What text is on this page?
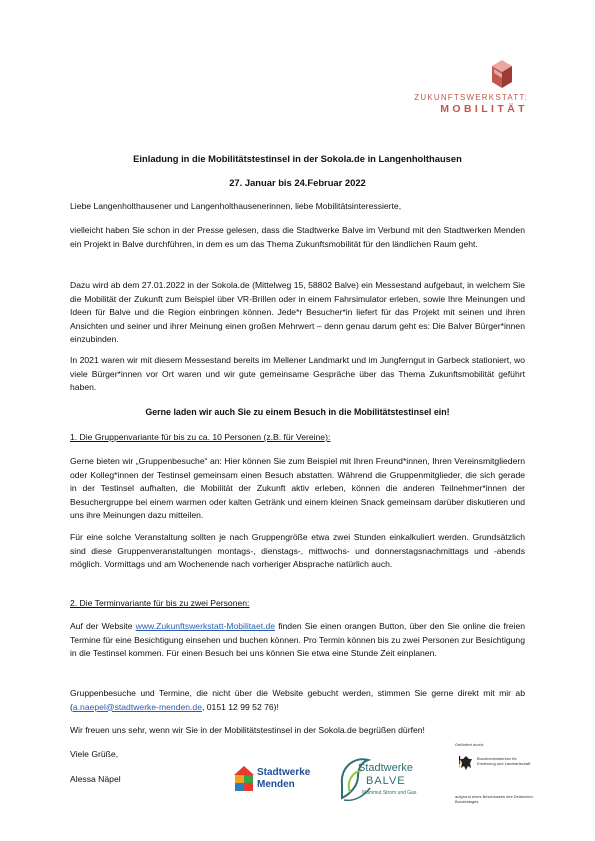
ZUKUNFTSWERKSTATT:
MOBILITÄT

Einladung in die Mobilitätstestinsel in der Sokola.de in Langenholthausen

27. Januar bis 24.Februar 2022

Liebe Langenholthausener und Langenholthausenerinnen, liebe Mobilitätsinteressierte,

vielleicht haben Sie schon in der Presse gelesen, dass die Stadtwerke Balve im Verbund mit den Stadtwerken Menden ein Projekt in Balve durchführen, in dem es um das Thema Zukunftsmobilität für den ländlichen Raum geht.

Dazu wird ab dem 27.01.2022 in der Sokola.de (Mittelweg 15, 58802 Balve) ein Messestand aufgebaut, in welchem Sie die Mobilität der Zukunft zum Beispiel über VR-Brillen oder in einem Fahrsimulator erleben, sowie Ihre Meinungen und Ideen für Balve und die Region einbringen können. Jede*r Besucher*in liefert für das Projekt mit seinen und ihren Ansichten und seiner und ihrer Meinung einen großen Mehrwert – denn genau darum geht es: Die Balver Bürger*innen einzubinden.

In 2021 waren wir mit diesem Messestand bereits im Mellener Landmarkt und im Jungferngut in Garbeck stationiert, wo viele Bürger*innen vor Ort waren und wir gute gemeinsame Gespräche über das Thema Zukunftsmobilität geführt haben.

Gerne laden wir auch Sie zu einem Besuch in die Mobilitätstestinsel ein!

1. Die Gruppenvariante für bis zu ca. 10 Personen (z.B. für Vereine):

Gerne bieten wir „Gruppenbesuche“ an: Hier können Sie zum Beispiel mit Ihren Freund*innen, Ihren Vereinsmitgliedern oder Kolleg*innen der Testinsel gemeinsam einen Besuch abstatten. Während die Gruppenmitglieder, die sich gerade in der Testinsel aufhalten, die Mobilität der Zukunft aktiv erleben, können die anderen Teilnehmer*innen der Besuchergruppe bei einem warmen oder kalten Getränk und einem kleinen Snack gemeinsam darüber diskutieren und uns ihre Meinungen dazu mitteilen.

Für eine solche Veranstaltung sollten je nach Gruppengröße etwa zwei Stunden einkalkuliert werden. Grundsätzlich sind diese Gruppenveranstaltungen montags-, dienstags-, mittwochs- und donnerstagsnachmittags und -abends möglich. Vormittags und am Wochenende nach vorheriger Absprache natürlich auch.

2. Die Terminvariante für bis zu zwei Personen:

Auf der Website www.Zukunftswerkstatt-Mobilitaet.de finden Sie einen orangen Button, über den Sie online die freien Termine für eine Besichtigung einsehen und buchen können. Pro Termin können bis zu zwei Personen zur Besichtigung in die Testinsel kommen. Für einen Besuch bei uns können Sie etwa eine Stunde Zeit einplanen.

Gruppenbesuche und Termine, die nicht über die Website gebucht werden, stimmen Sie gerne direkt mit mir ab (a.naepel@stadtwerke-menden.de, 0151 12 99 52 76)!

Wir freuen uns sehr, wenn wir Sie in der Mobilitätstestinsel in der Sokola.de begrüßen dürfen!

Viele Grüße,

Alessa Näpel

Stadtwerke
Menden
Stadtwerke
BALVE
Mammut Strom und Gas
Gefördert durch:
Bundesministerium für Ernährung und Landwirtschaft
aufgrund eines Beschlusses des Deutschen Bundestages
